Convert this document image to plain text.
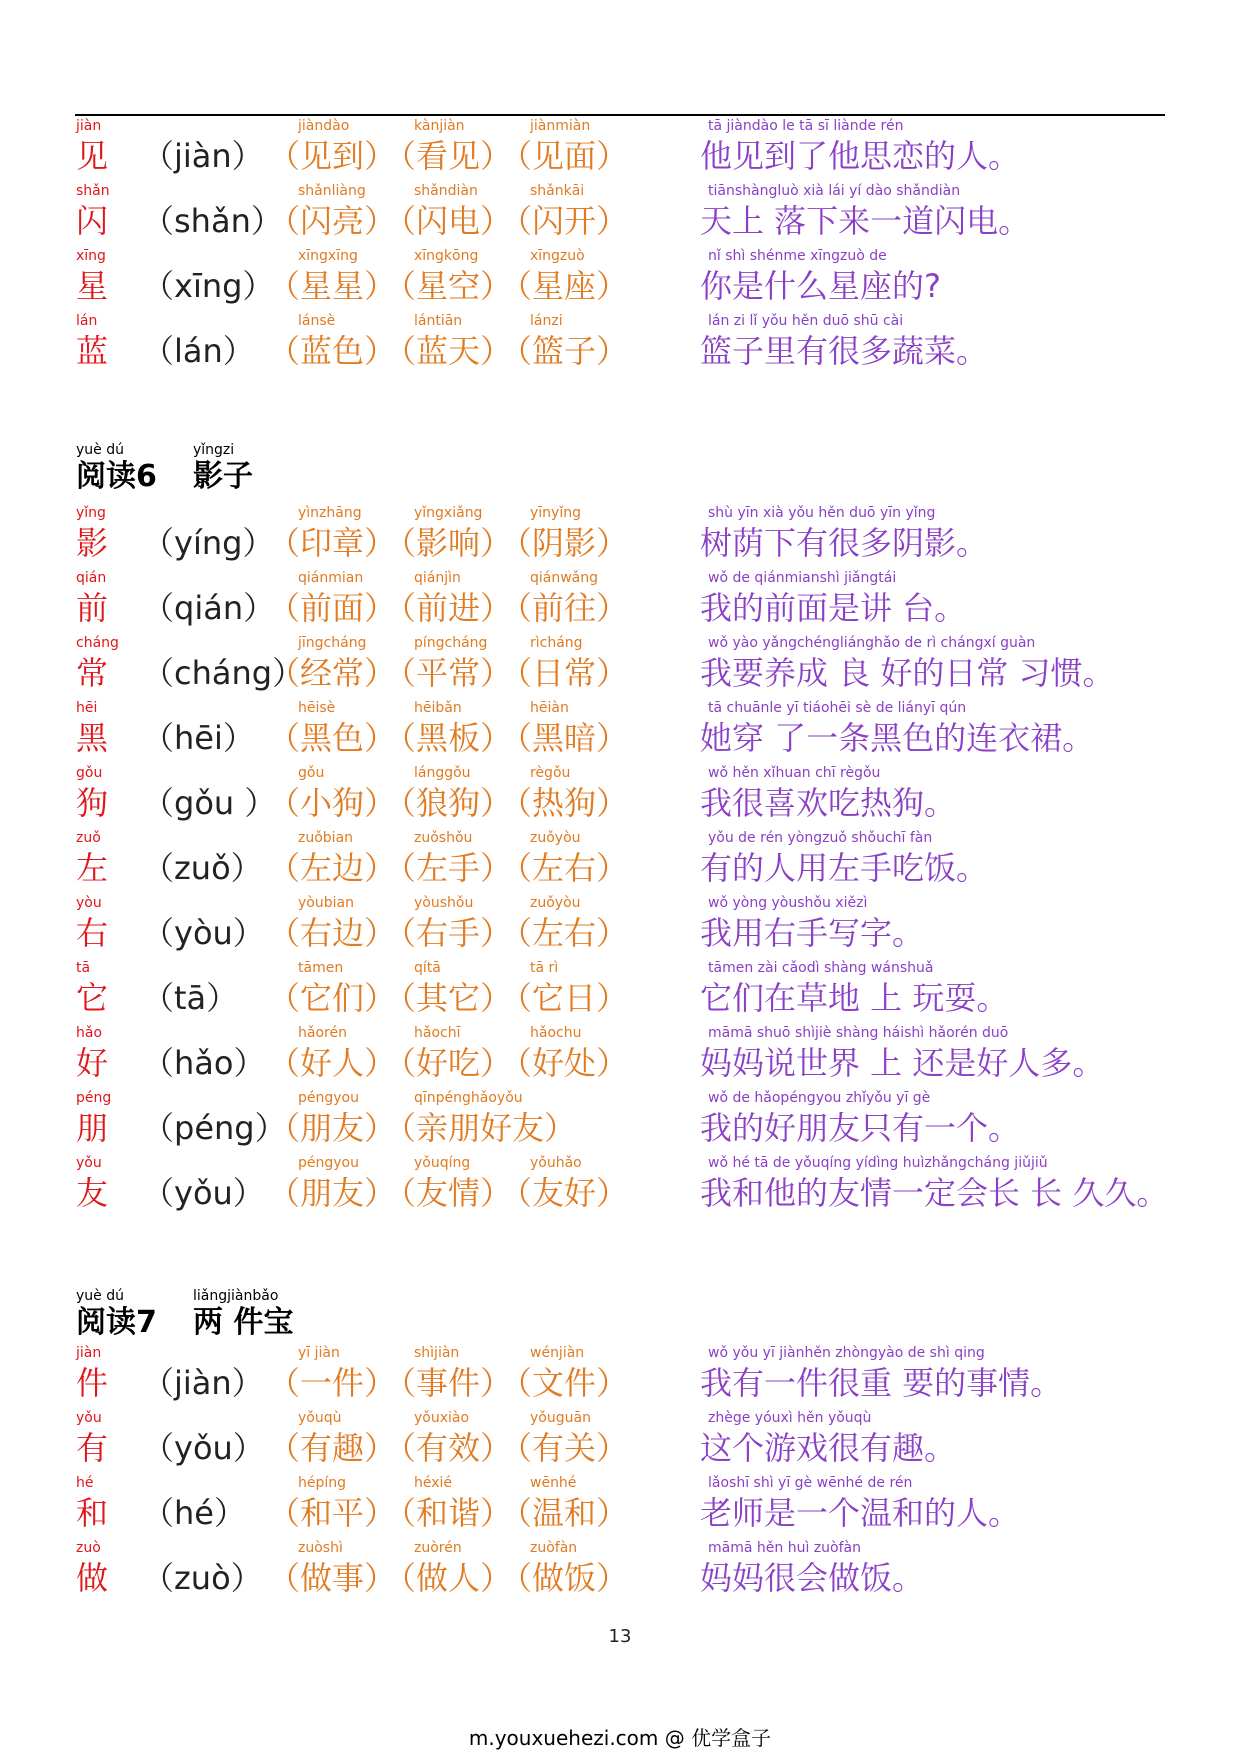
jiàn
见 （jiàn）
jiàndào
（见到）
kànjiàn
（看见）
jiànmiàn
（见面）
tā jiàndào le tā sī liànde rén
他见到了他思恋的人。
shǎn
闪 （shǎn）
shǎnliàng
（闪亮）
shǎndiàn
（闪电）
shǎnkāi
（闪开）
tiānshàngluò xià lái yí dào shǎndiàn
天上 落下来一道闪电。
xīng
星 （xīng）
xīngxīng
（星星）
xīngkōng
（星空）
xīngzuò
（星座）
nǐ shì shénme xīngzuò de
你是什么星座的?
lán
蓝 （lán）
lánsè
（蓝色）
lántiān
（蓝天）
lánzi
（篮子）
lán zi lǐ yǒu hěn duō shū cài
篮子里有很多蔬菜。
yuè dú	yǐngzi
阅读6 影子
yǐng
影 （yíng）
yìnzhāng
（印章）
yǐngxiǎng
（影响）
yīnyǐng
（阴影）
shù yīn xià yǒu hěn duō yīn yǐng
树荫下有很多阴影。
qián
前 （qián）
qiánmian
（前面）
qiánjìn
（前进）
qiánwǎng
（前往）
wǒ de qiánmianshì jiǎngtái
我的前面是讲 台。
cháng
常 （cháng）
jīngcháng
（经常）
píngcháng
（平常）
rìcháng
（日常）
wǒ yào yǎngchéngliánghǎo de rì chángxí guàn
我要养成 良 好的日常 习惯。
hēi
黑 （hēi）
hēisè
（黑色）
hēibǎn
（黑板）
hēiàn
（黑暗）
tā chuānle yī tiáohēi sè de liányī qún
她穿 了一条黑色的连衣裙。
gǒu
狗 （gǒu ）
gǒu
（小狗）
lánggǒu
（狼狗）
règǒu
（热狗）
wǒ hěn xǐhuan chī règǒu
我很喜欢吃热狗。
zuǒ
左 （zuǒ）
zuǒbian
（左边）
zuǒshǒu
（左手）
zuǒyòu
（左右）
yǒu de rén yòngzuǒ shǒuchī fàn
有的人用左手吃饭。
yòu
右 （yòu）
yòubian
（右边）
yòushǒu
（右手）
zuǒyòu
（左右）
wǒ yòng yòushǒu xiězì
我用右手写字。
tā
它 （tā）
tāmen
（它们）
qítā
（其它）
tā rì
（它日）
tāmen zài cǎodì shàng wánshuǎ
它们在草地 上 玩耍。
hǎo
好 （hǎo）
hǎorén
（好人）
hǎochī
（好吃）
hǎochu
（好处）
māmā shuō shìjiè shàng háishì hǎorén duō
妈妈说世界 上 还是好人多。
péng
朋 （péng）
péngyou
（朋友）
qīnpénghǎoyǒu
（亲朋好友）
wǒ de hǎopéngyou zhǐyǒu yī gè
我的好朋友只有一个。
yǒu
友 （yǒu）
péngyou
（朋友）
yǒuqíng
（友情）
yǒuhǎo
（友好）
wǒ hé tā de yǒuqíng yídìng huìzhǎngcháng jiǔjiǔ
我和他的友情一定会长 长 久久。
yuè dú	liǎngjiànbǎo
阅读7 两 件宝
jiàn
件 （jiàn）
yī jiàn
（一件）
shìjiàn
（事件）
wénjiàn
（文件）
wǒ yǒu yī jiànhěn zhòngyào de shì qing
我有一件很重 要的事情。
yǒu
有 （yǒu）
yǒuqù
（有趣）
yǒuxiào
（有效）
yǒuguān
（有关）
zhège yóuxì hěn yǒuqù
这个游戏很有趣。
hé
和 （hé）
hépíng
（和平）
héxié
（和谐）
wēnhé
（温和）
lǎoshī shì yī gè wēnhé de rén
老师是一个温和的人。
zuò
做 （zuò）
zuòshì
（做事）
zuòrén
（做人）
zuòfàn
（做饭）
māmā hěn huì zuòfàn
妈妈很会做饭。
13
m.youxuehezi.com @ 优学盒子
